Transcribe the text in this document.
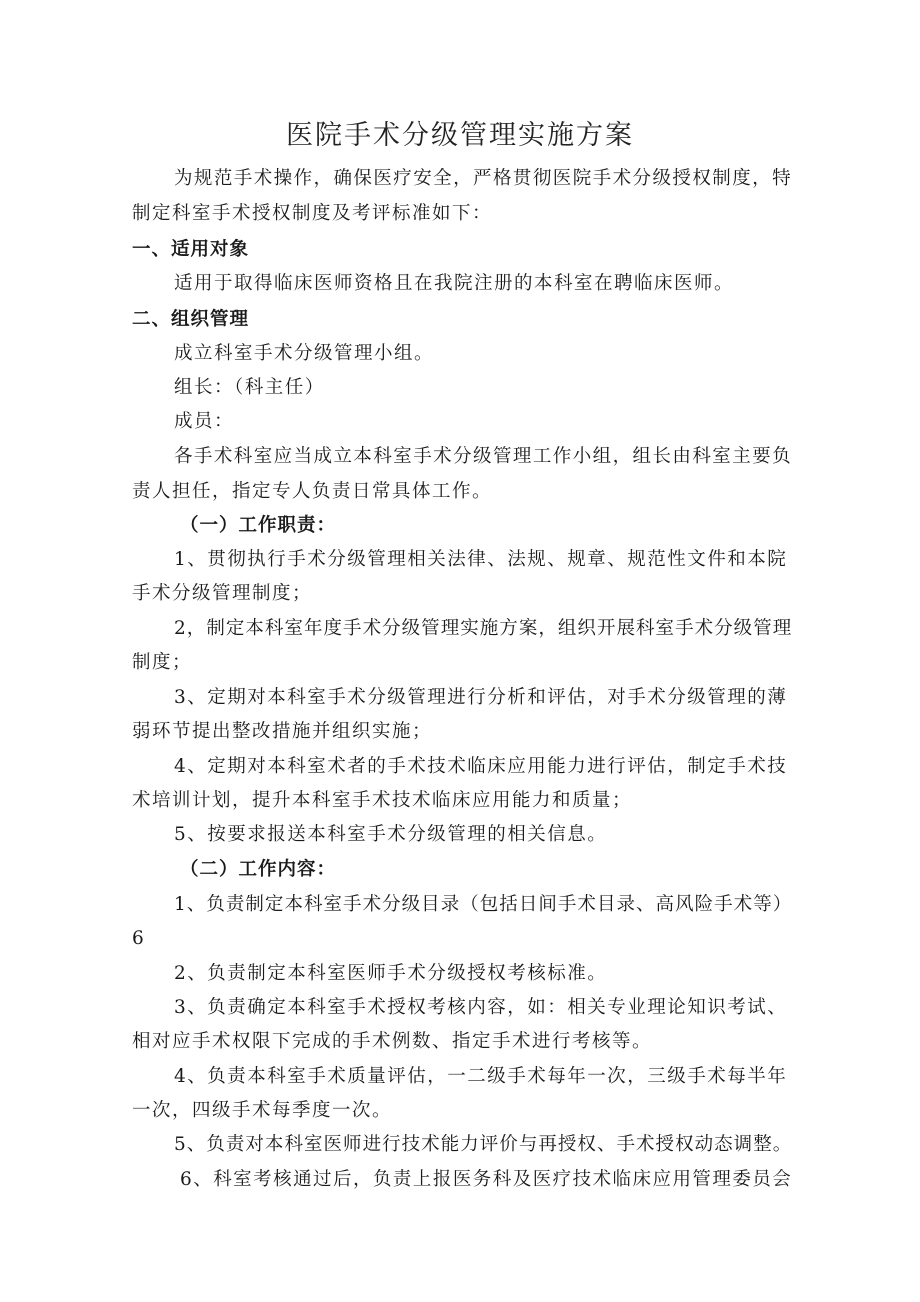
医院手术分级管理实施方案
为规范手术操作，确保医疗安全，严格贯彻医院手术分级授权制度，特
制定科室手术授权制度及考评标准如下：
一、适用对象
适用于取得临床医师资格且在我院注册的本科室在聘临床医师。
二、组织管理
成立科室手术分级管理小组。
组长：（科主任）
成员：
各手术科室应当成立本科室手术分级管理工作小组，组长由科室主要负
责人担任，指定专人负责日常具体工作。
（一）工作职责：
1、贯彻执行手术分级管理相关法律、法规、规章、规范性文件和本院
手术分级管理制度；
2，制定本科室年度手术分级管理实施方案，组织开展科室手术分级管理
制度；
3、定期对本科室手术分级管理进行分析和评估，对手术分级管理的薄
弱环节提出整改措施并组织实施；
4、定期对本科室术者的手术技术临床应用能力进行评估，制定手术技
术培训计划，提升本科室手术技术临床应用能力和质量；
5、按要求报送本科室手术分级管理的相关信息。
（二）工作内容：
1、负责制定本科室手术分级目录（包括日间手术目录、高风险手术等）
6
2、负责制定本科室医师手术分级授权考核标准。
3、负责确定本科室手术授权考核内容，如：相关专业理论知识考试、
相对应手术权限下完成的手术例数、指定手术进行考核等。
4、负责本科室手术质量评估，一二级手术每年一次，三级手术每半年
一次，四级手术每季度一次。
5、负责对本科室医师进行技术能力评价与再授权、手术授权动态调整。
6、科室考核通过后，负责上报医务科及医疗技术临床应用管理委员会
